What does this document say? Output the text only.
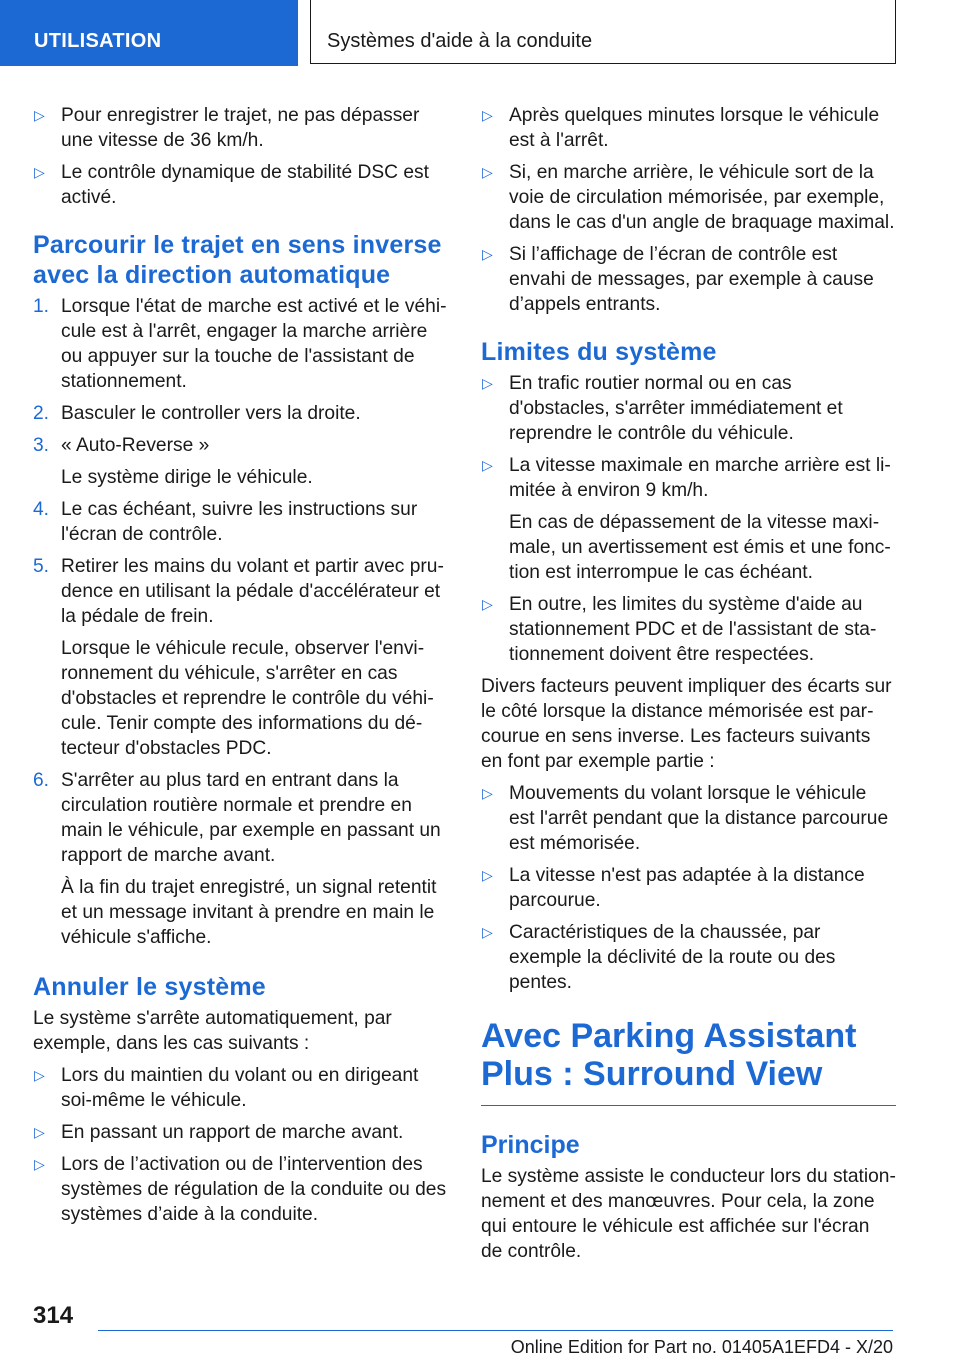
UTILISATION	Systèmes d'aide à la conduite
▷ Pour enregistrer le trajet, ne pas dépasser une vitesse de 36 km/h.
▷ Le contrôle dynamique de stabilité DSC est activé.
Parcourir le trajet en sens inverse avec la direction automatique
1. Lorsque l'état de marche est activé et le véhicule est à l'arrêt, engager la marche arrière ou appuyer sur la touche de l'assistant de stationnement.
2. Basculer le controller vers la droite.
3. « Auto-Reverse »
Le système dirige le véhicule.
4. Le cas échéant, suivre les instructions sur l'écran de contrôle.
5. Retirer les mains du volant et partir avec prudence en utilisant la pédale d'accélérateur et la pédale de frein.
Lorsque le véhicule recule, observer l'environnement du véhicule, s'arrêter en cas d'obstacles et reprendre le contrôle du véhicule. Tenir compte des informations du détecteur d'obstacles PDC.
6. S'arrêter au plus tard en entrant dans la circulation routière normale et prendre en main le véhicule, par exemple en passant un rapport de marche avant.
À la fin du trajet enregistré, un signal retentit et un message invitant à prendre en main le véhicule s'affiche.
Annuler le système
Le système s'arrête automatiquement, par exemple, dans les cas suivants :
▷ Lors du maintien du volant ou en dirigeant soi-même le véhicule.
▷ En passant un rapport de marche avant.
▷ Lors de l’activation ou de l’intervention des systèmes de régulation de la conduite ou des systèmes d’aide à la conduite.
▷ Après quelques minutes lorsque le véhicule est à l'arrêt.
▷ Si, en marche arrière, le véhicule sort de la voie de circulation mémorisée, par exemple, dans le cas d'un angle de braquage maximal.
▷ Si l’affichage de l’écran de contrôle est envahi de messages, par exemple à cause d’appels entrants.
Limites du système
▷ En trafic routier normal ou en cas d'obstacles, s'arrêter immédiatement et reprendre le contrôle du véhicule.
▷ La vitesse maximale en marche arrière est limitée à environ 9 km/h.
En cas de dépassement de la vitesse maximale, un avertissement est émis et une fonction est interrompue le cas échéant.
▷ En outre, les limites du système d'aide au stationnement PDC et de l'assistant de stationnement doivent être respectées.
Divers facteurs peuvent impliquer des écarts sur le côté lorsque la distance mémorisée est parcourue en sens inverse. Les facteurs suivants en font par exemple partie :
▷ Mouvements du volant lorsque le véhicule est l'arrêt pendant que la distance parcourue est mémorisée.
▷ La vitesse n'est pas adaptée à la distance parcourue.
▷ Caractéristiques de la chaussée, par exemple la déclivité de la route ou des pentes.
Avec Parking Assistant Plus : Surround View
Principe
Le système assiste le conducteur lors du stationnement et des manœuvres. Pour cela, la zone qui entoure le véhicule est affichée sur l'écran de contrôle.
314
Online Edition for Part no. 01405A1EFD4 - X/20
